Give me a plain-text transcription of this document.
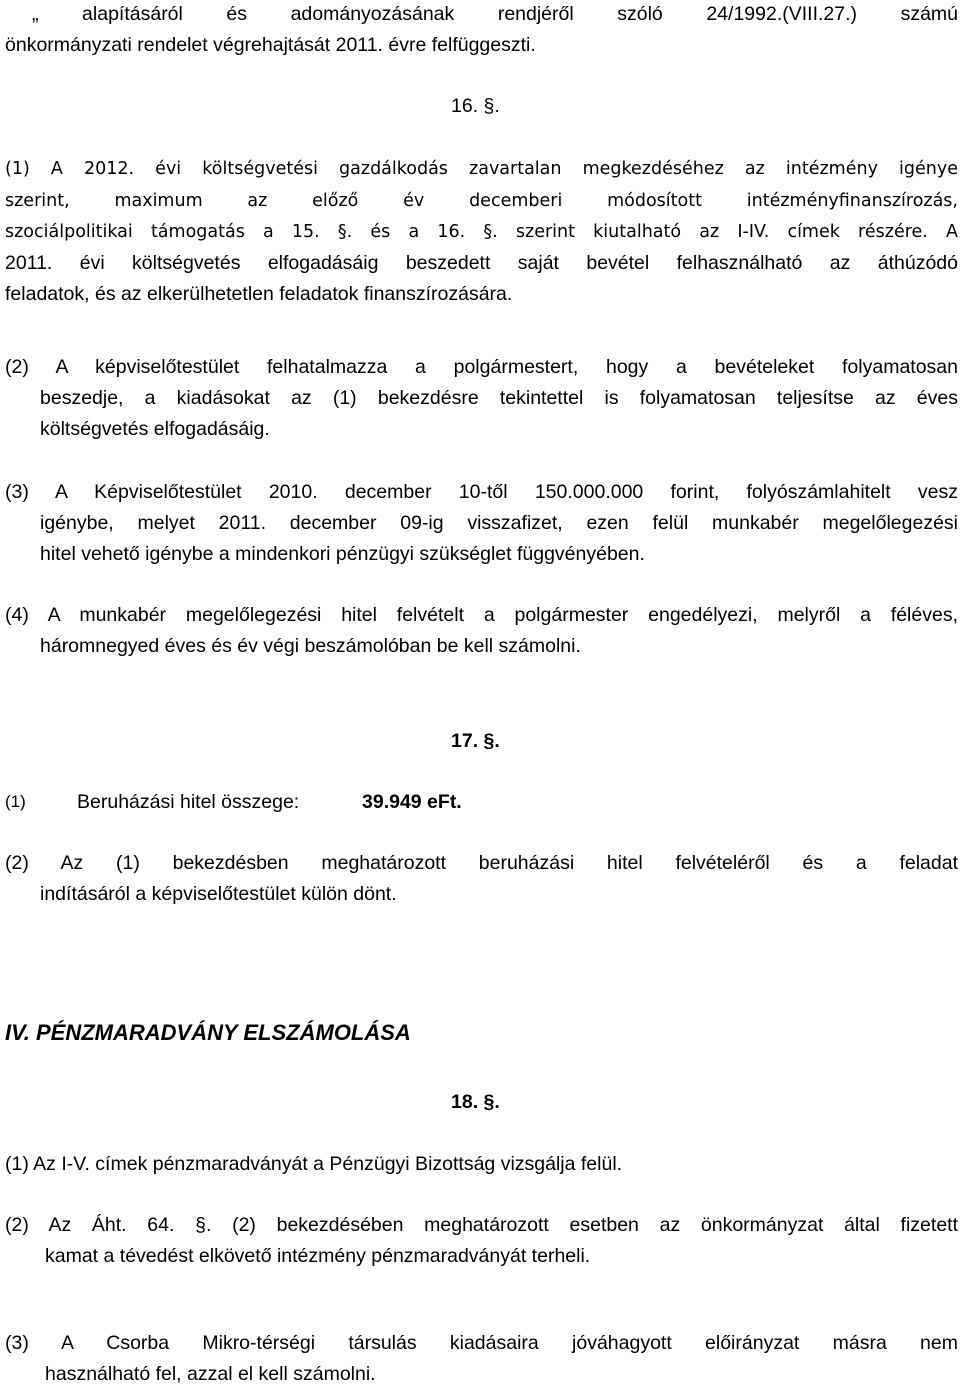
„ alapításáról és adományozásának rendjéről szóló 24/1992.(VIII.27.) számú
önkormányzati rendelet végrehajtását 2011. évre felfüggeszti.
16. §.
(1) A 2012. évi költségvetési gazdálkodás zavartalan megkezdéséhez az intézmény igénye
szerint, maximum az előző év decemberi módosított intézményfinanszírozás,
szociálpolitikai támogatás a 15. §. és a 16. §. szerint kiutalható az I-IV. címek részére. A
2011. évi költségvetés elfogadásáig beszedett saját bevétel felhasználható az áthúzódó
feladatok, és az elkerülhetetlen feladatok finanszírozására.
(2) A képviselőtestület felhatalmazza a polgármestert, hogy a bevételeket folyamatosan
beszedje, a kiadásokat az (1) bekezdésre tekintettel is folyamatosan teljesítse az éves
költségvetés elfogadásáig.
(3) A Képviselőtestület 2010. december 10-től 150.000.000 forint, folyószámlahitelt vesz
igénybe, melyet 2011. december 09-ig visszafizet, ezen felül munkabér megelőlegezési
hitel vehető igénybe a mindenkori pénzügyi szükséglet függvényében.
(4) A munkabér megelőlegezési hitel felvételt a polgármester engedélyezi, melyről a féléves,
háromnegyed éves és év végi beszámolóban be kell számolni.
17. §.
(1)	Beruházási hitel összege:	39.949 eFt.
(2) Az (1) bekezdésben meghatározott beruházási hitel felvételéről és a feladat
indításáról a képviselőtestület külön dönt.
IV. PÉNZMARADVÁNY ELSZÁMOLÁSA
18. §.
(1) Az I-V. címek pénzmaradványát a Pénzügyi Bizottság vizsgálja felül.
(2) Az Áht. 64. §. (2) bekezdésében meghatározott esetben az önkormányzat által fizetett
kamat a tévedést elkövető intézmény pénzmaradványát terheli.
(3) A Csorba Mikro-térségi társulás kiadásaira jóváhagyott előirányzat másra nem
használható fel, azzal el kell számolni.
